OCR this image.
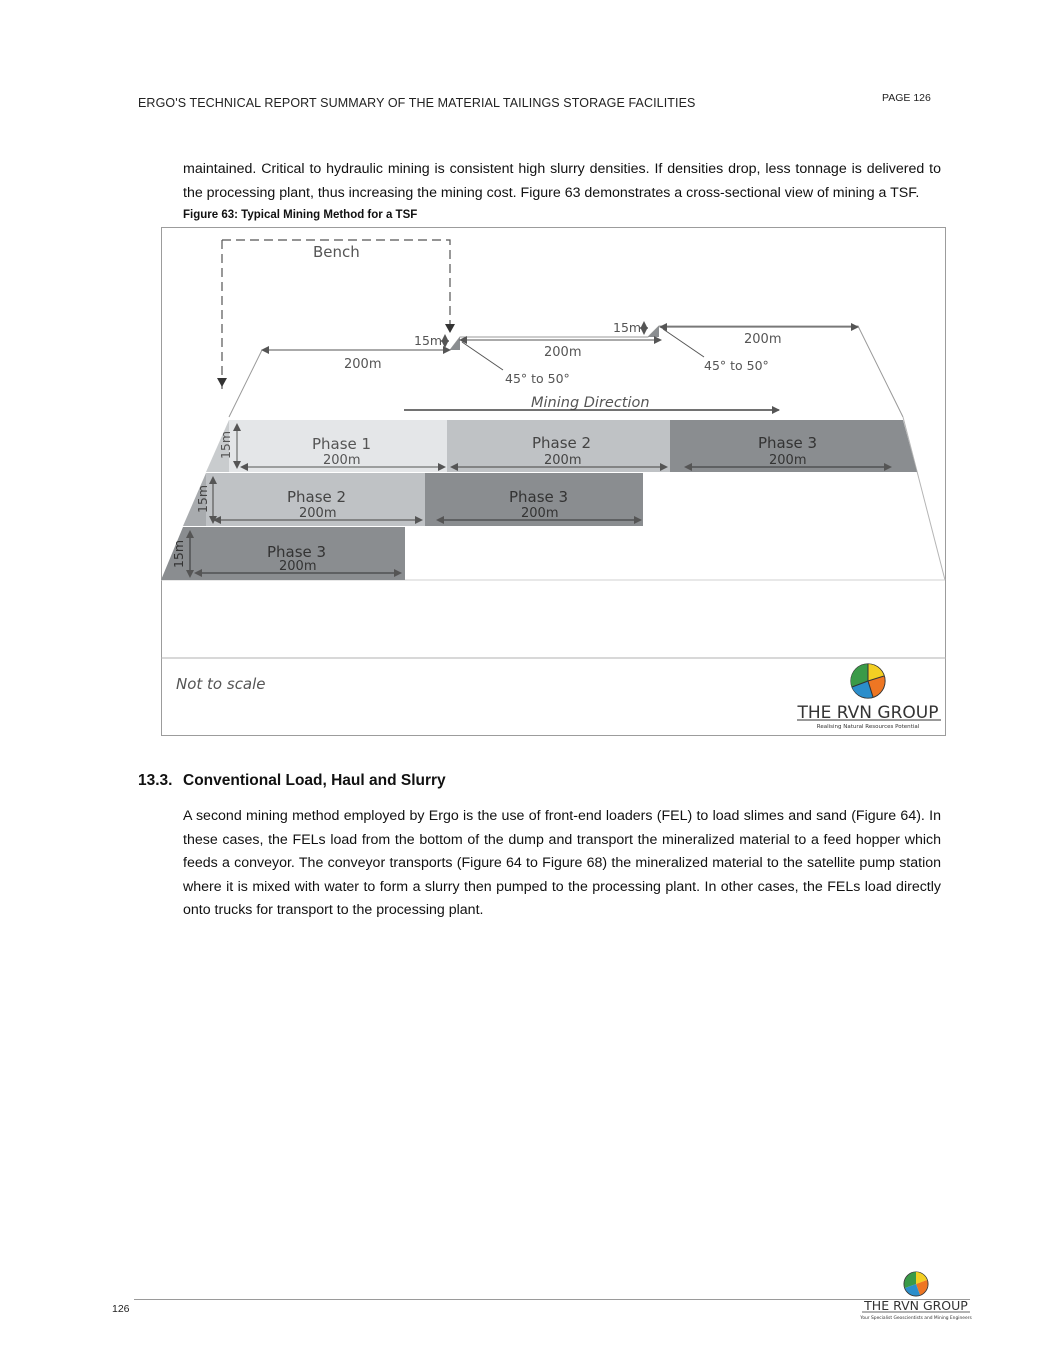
ERGO'S TECHNICAL REPORT SUMMARY OF THE MATERIAL TAILINGS STORAGE FACILITIES	PAGE 126

maintained. Critical to hydraulic mining is consistent high slurry densities. If densities drop, less tonnage is delivered to the processing plant, thus increasing the mining cost. Figure 63 demonstrates a cross-sectional view of mining a TSF.

Figure 63: Typical Mining Method for a TSF
Bench
200m
200m
200m
15m
15m
45° to 50°
45° to 50°
Mining Direction
Phase 1
200m
Phase 2
200m
Phase 3
200m
15m
Phase 2
200m
Phase 3
200m
15m
Phase 3
200m
15m
Not to scale
THE RVN GROUP
Realising Natural Resources Potential
13.3. Conventional Load, Haul and Slurry

A second mining method employed by Ergo is the use of front-end loaders (FEL) to load slimes and sand (Figure 64). In these cases, the FELs load from the bottom of the dump and transport the mineralized material to a feed hopper which feeds a conveyor. The conveyor transports (Figure 64 to Figure 68) the mineralized material to the satellite pump station where it is mixed with water to form a slurry then pumped to the processing plant. In other cases, the FELs load directly onto trucks for transport to the processing plant.

126	THE RVN GROUP
Your Specialist Geoscientists and Mining Engineers
